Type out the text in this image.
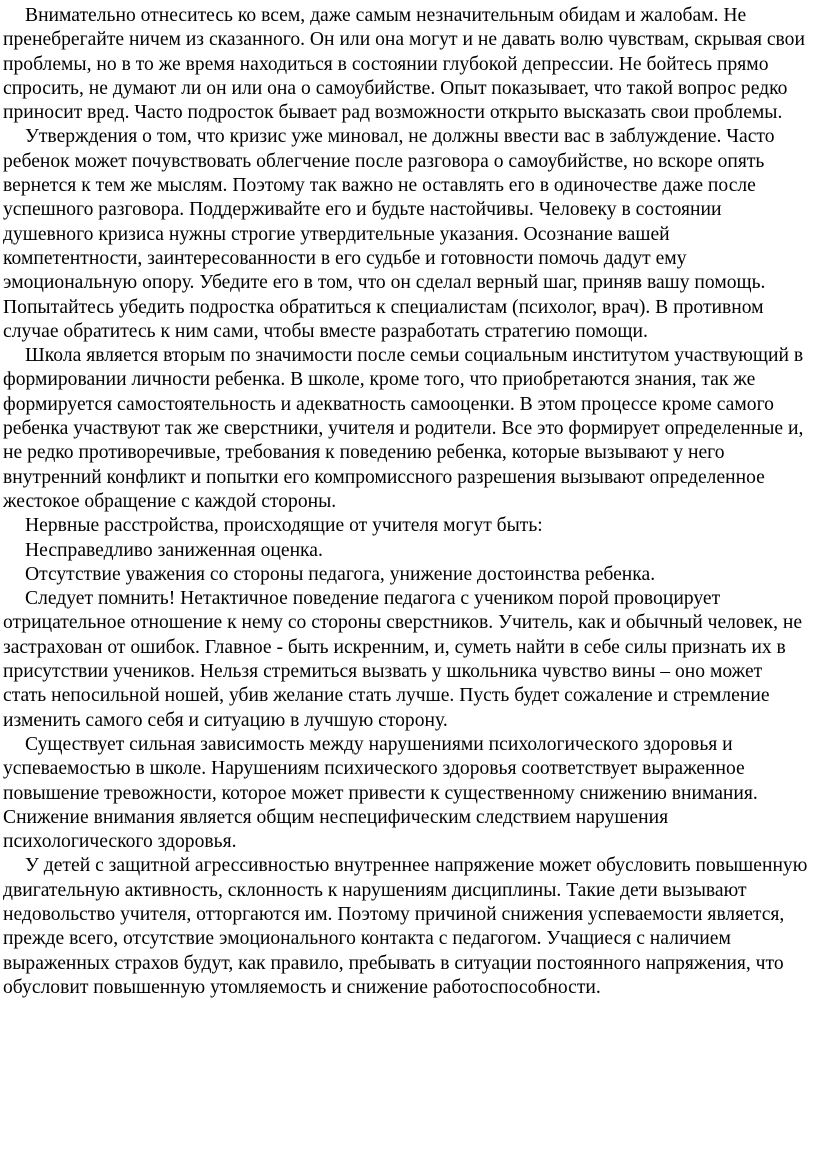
Внимательно отнеситесь ко всем, даже самым незначительным обидам и жалобам. Не пренебрегайте ничем из сказанного. Он или она могут и не давать волю чувствам, скрывая свои проблемы, но в то же время находиться в состоянии глубокой депрессии. Не бойтесь прямо спросить, не думают ли он или она о самоубийстве. Опыт показывает, что такой вопрос редко приносит вред. Часто подросток бывает рад возможности открыто высказать свои проблемы.

Утверждения о том, что кризис уже миновал, не должны ввести вас в заблуждение. Часто ребенок может почувствовать облегчение после разговора о самоубийстве, но вскоре опять вернется к тем же мыслям. Поэтому так важно не оставлять его в одиночестве даже после успешного разговора. Поддерживайте его и будьте настойчивы. Человеку в состоянии душевного кризиса нужны строгие утвердительные указания. Осознание вашей компетентности, заинтересованности в его судьбе и готовности помочь дадут ему эмоциональную опору. Убедите его в том, что он сделал верный шаг, приняв вашу помощь. Попытайтесь убедить подростка обратиться к специалистам (психолог, врач). В противном случае обратитесь к ним сами, чтобы вместе разработать стратегию помощи.

Школа является вторым по значимости после семьи социальным институтом участвующий в формировании личности ребенка. В школе, кроме того, что приобретаются знания, так же формируется самостоятельность и адекватность самооценки. В этом процессе кроме самого ребенка участвуют так же сверстники, учителя и родители. Все это формирует определенные и, не редко противоречивые, требования к поведению ребенка, которые вызывают у него внутренний конфликт и попытки его компромиссного разрешения вызывают определенное жестокое обращение с каждой стороны.

Нервные расстройства, происходящие от учителя могут быть:

Несправедливо заниженная оценка.

Отсутствие уважения со стороны педагога, унижение достоинства ребенка.

Следует помнить! Нетактичное поведение педагога с учеником порой провоцирует отрицательное отношение к нему со стороны сверстников. Учитель, как и обычный человек, не застрахован от ошибок. Главное - быть искренним, и, суметь найти в себе силы признать их в присутствии учеников. Нельзя стремиться вызвать у школьника чувство вины – оно может стать непосильной ношей, убив желание стать лучше. Пусть будет сожаление и стремление изменить самого себя и ситуацию в лучшую сторону.

Существует сильная зависимость между нарушениями психологического здоровья и успеваемостью в школе. Нарушениям психического здоровья соответствует выраженное повышение тревожности, которое может привести к существенному снижению внимания. Снижение внимания является общим неспецифическим следствием нарушения психологического здоровья.

У детей с защитной агрессивностью внутреннее напряжение может обусловить повышенную двигательную активность, склонность к нарушениям дисциплины. Такие дети вызывают недовольство учителя, отторгаются им. Поэтому причиной снижения успеваемости является, прежде всего, отсутствие эмоционального контакта с педагогом. Учащиеся с наличием выраженных страхов будут, как правило, пребывать в ситуации постоянного напряжения, что обусловит повышенную утомляемость и снижение работоспособности.
